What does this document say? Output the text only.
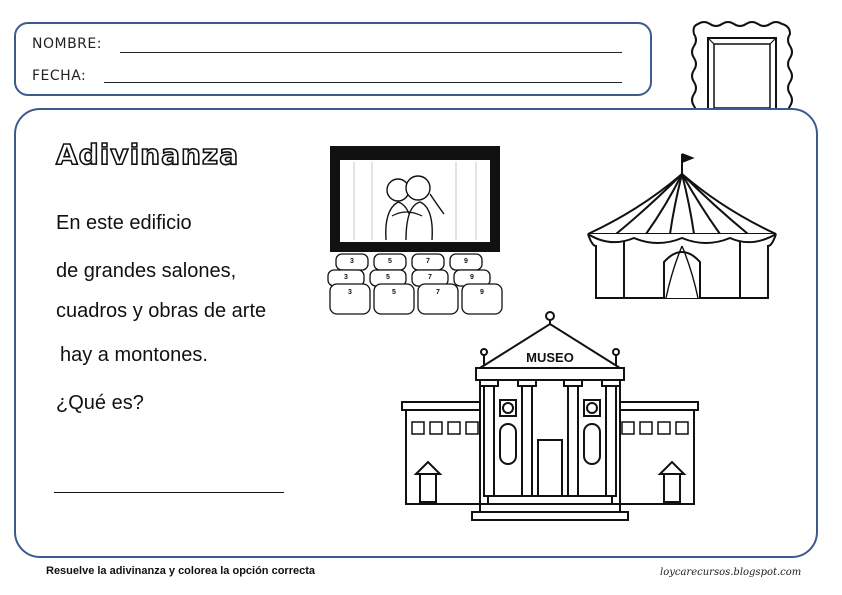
NOMBRE:
FECHA:
Adivinanza
En este edificio
de grandes salones,
cuadros y obras de arte
hay a montones.
¿Qué es?
3	5	7	9
3	5	7	9
3	5	7	9
MUSEO
Resuelve la adivinanza y colorea la opción correcta	loycarecursos.blogspot.com
